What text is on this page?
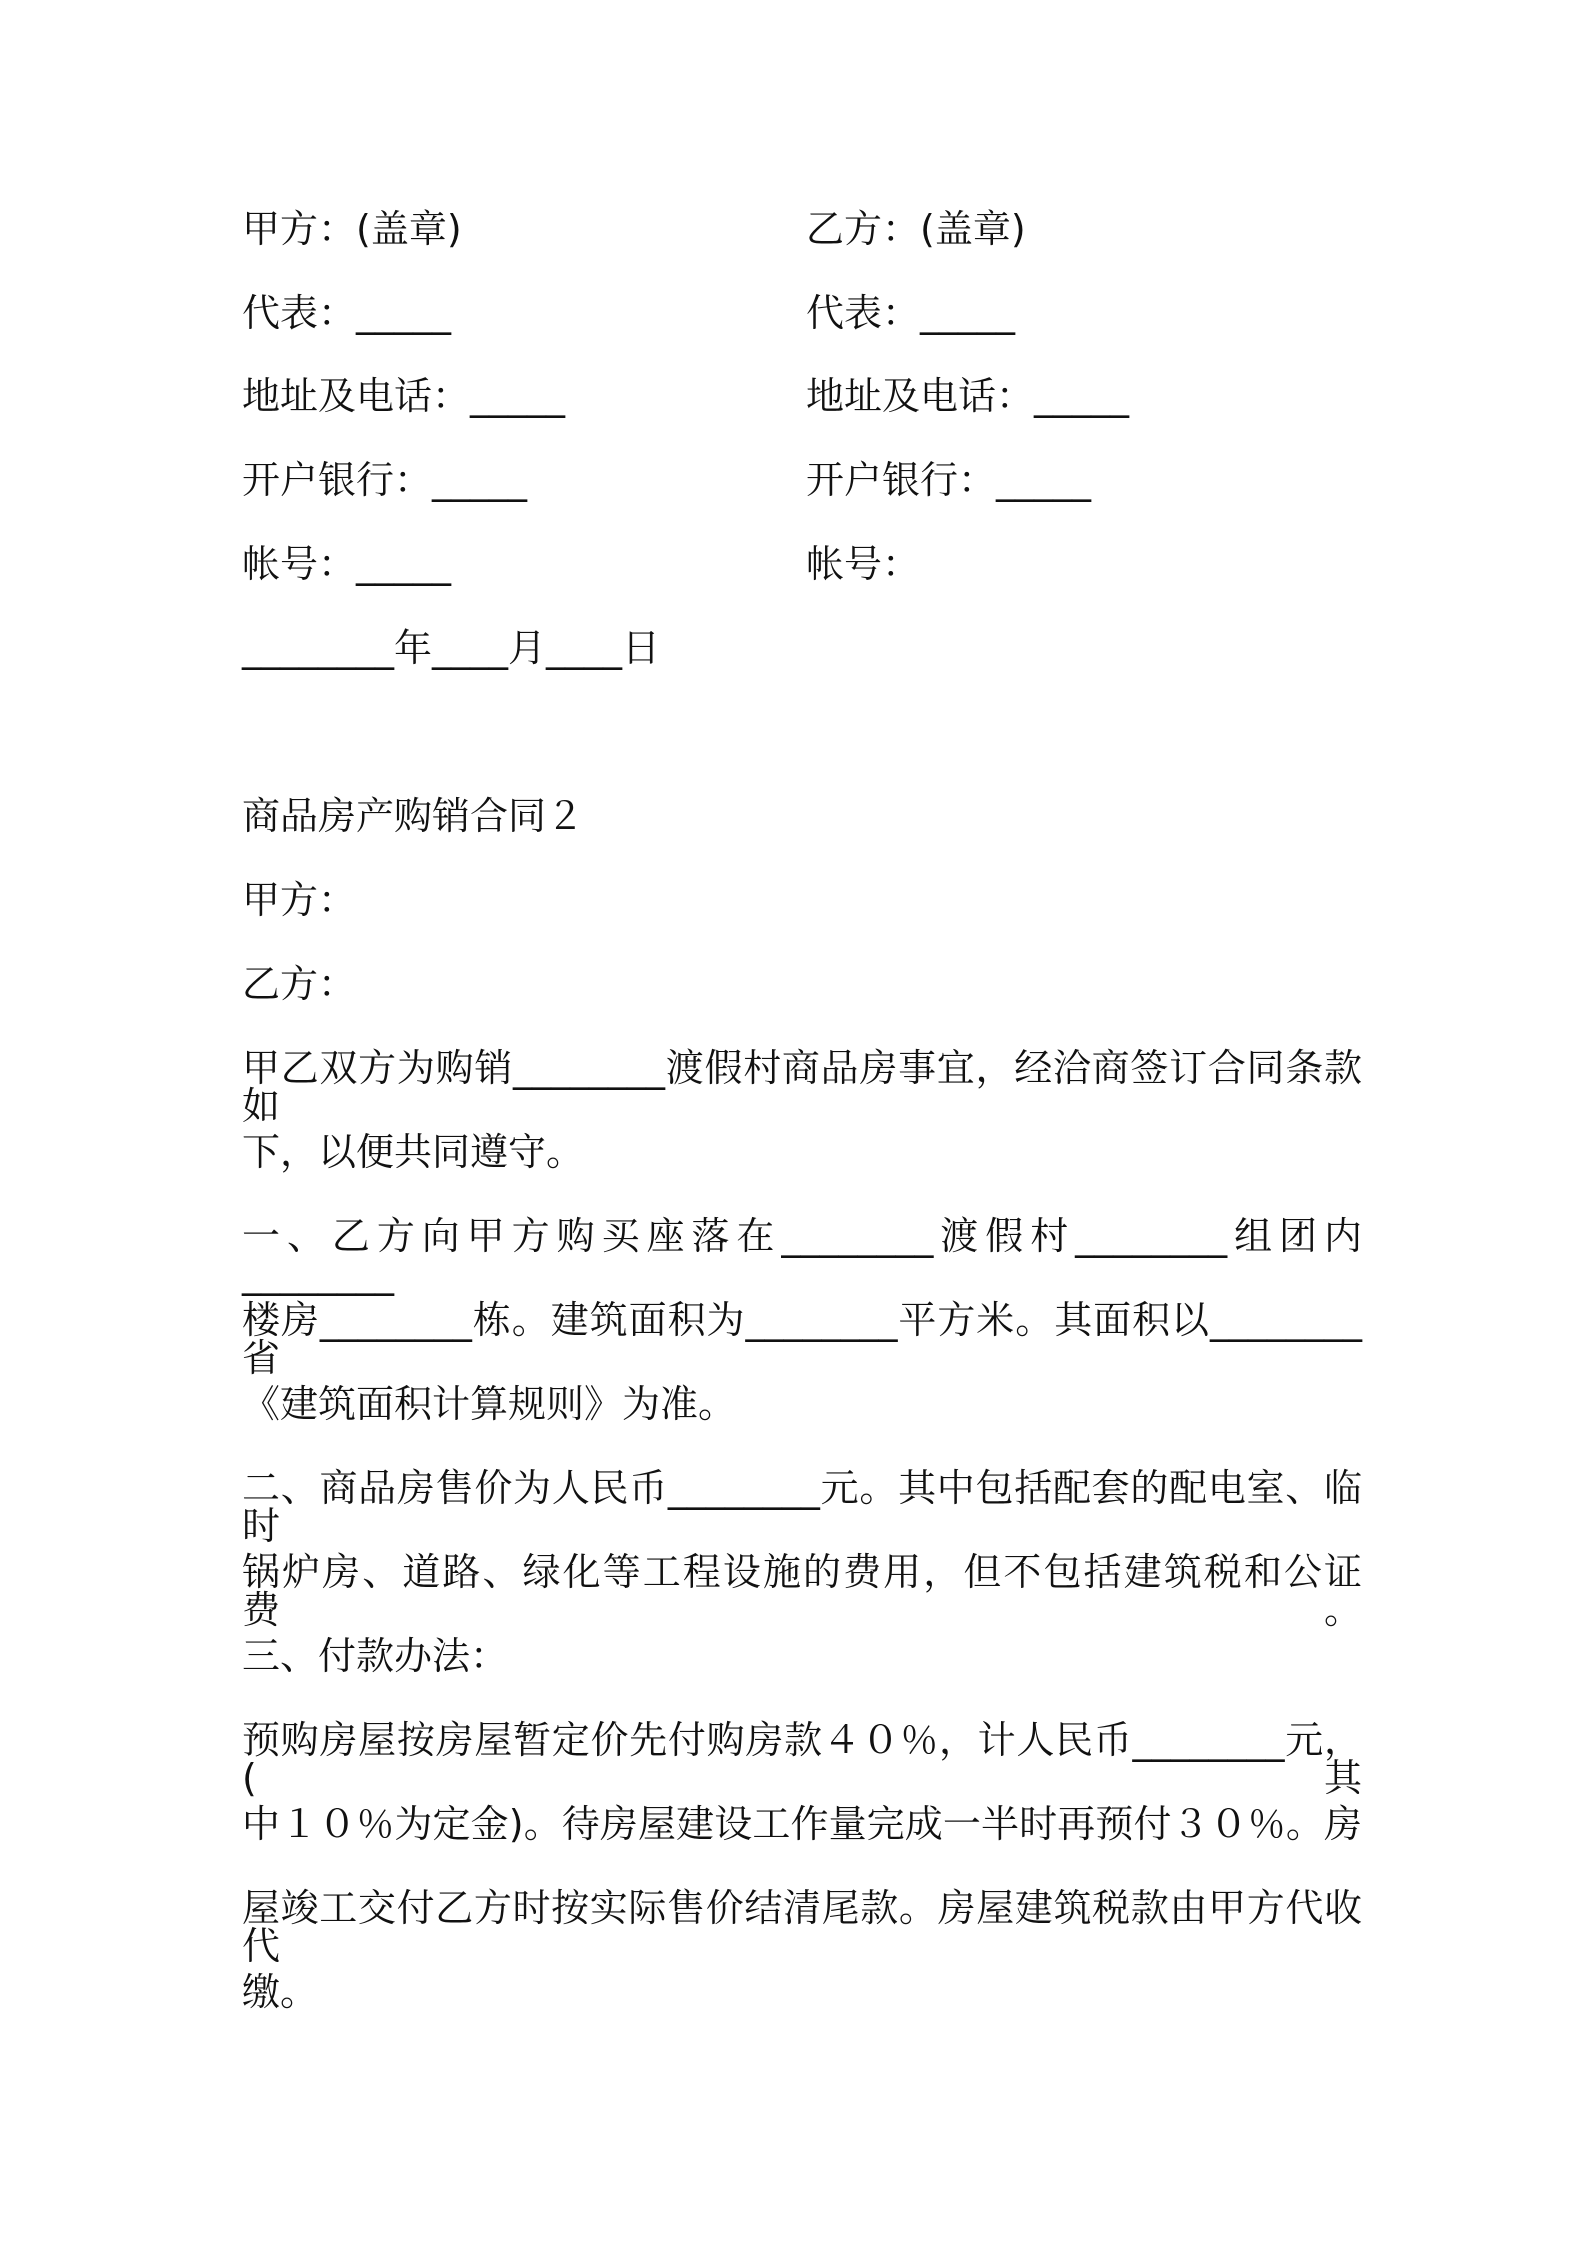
甲方：(盖章)	乙方：(盖章)
代表：_____	代表：_____
地址及电话：_____	地址及电话：_____
开户银行：_____	开户银行：_____
帐号：_____	帐号：
________年____月____日
商品房产购销合同２
甲方：
乙方：
甲乙双方为购销________渡假村商品房事宜，经洽商签订合同条款如
下，以便共同遵守。
一、乙方向甲方购买座落在________渡假村________组团内________
楼房________栋。建筑面积为________平方米。其面积以________省
《建筑面积计算规则》为准。
二、商品房售价为人民币________元。其中包括配套的配电室、临时
锅炉房、道路、绿化等工程设施的费用，但不包括建筑税和公证费。
三、付款办法：
预购房屋按房屋暂定价先付购房款４０％，计人民币________元，(其
中１０％为定金)。待房屋建设工作量完成一半时再预付３０％。房
屋竣工交付乙方时按实际售价结清尾款。房屋建筑税款由甲方代收代
缴。
